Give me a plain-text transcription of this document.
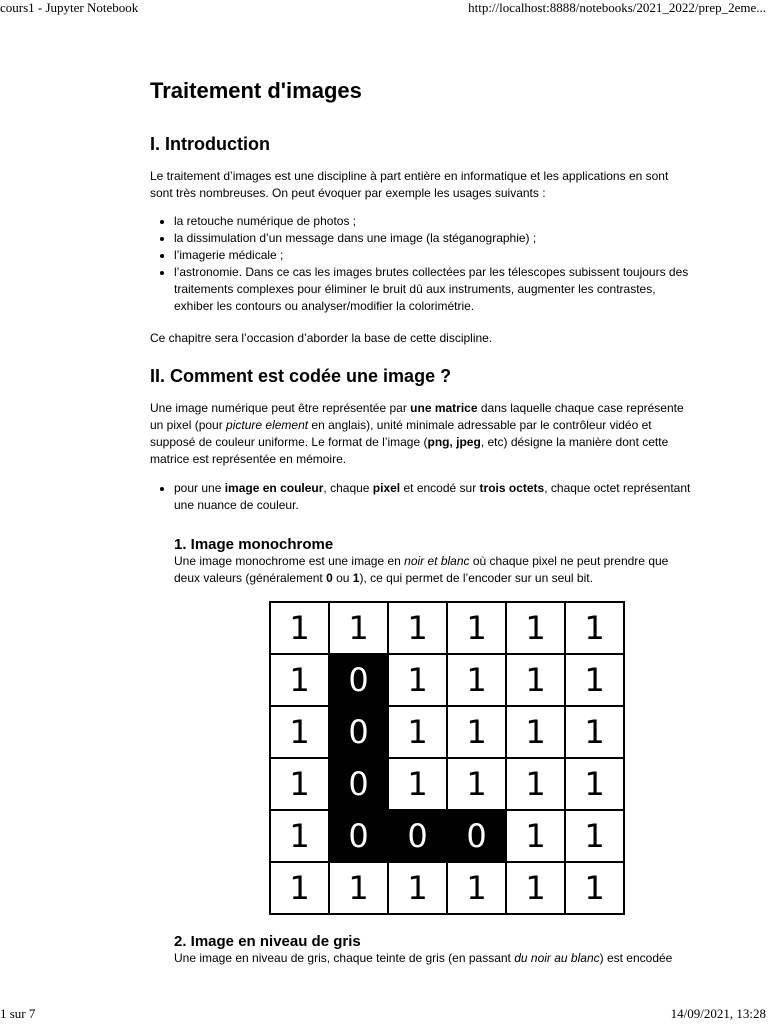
cours1 - Jupyter Notebook	http://localhost:8888/notebooks/2021_2022/prep_2eme...
Traitement d'images
I. Introduction

Le traitement d’images est une discipline à part entière en informatique et les applications en sont
sont très nombreuses. On peut évoquer par exemple les usages suivants :

• la retouche numérique de photos ;
• la dissimulation d’un message dans une image (la stéganographie) ;
• l’imagerie médicale ;
• l’astronomie. Dans ce cas les images brutes collectées par les télescopes subissent toujours des
traitements complexes pour éliminer le bruit dû aux instruments, augmenter les contrastes,
exhiber les contours ou analyser/modifier la colorimétrie.

Ce chapitre sera l’occasion d’aborder la base de cette discipline.

II. Comment est codée une image ?

Une image numérique peut être représentée par une matrice dans laquelle chaque case représente
un pixel (pour picture element en anglais), unité minimale adressable par le contrôleur vidéo et
supposé de couleur uniforme. Le format de l’image (png, jpeg, etc) désigne la manière dont cette
matrice est représentée en mémoire.

• pour une image en couleur, chaque pixel et encodé sur trois octets, chaque octet représentant
une nuance de couleur.
1. Image monochrome

Une image monochrome est une image en noir et blanc où chaque pixel ne peut prendre que
deux valeurs (généralement 0 ou 1), ce qui permet de l’encoder sur un seul bit.

2. Image en niveau de gris

Une image en niveau de gris, chaque teinte de gris (en passant du noir au blanc) est encodée

1	1	1	1	1	1
1	0	1	1	1	1
1	0	1	1	1	1
1	0	1	1	1	1
1	0	0	0	1	1
1	1	1	1	1	1
1 sur 7	14/09/2021, 13:28
